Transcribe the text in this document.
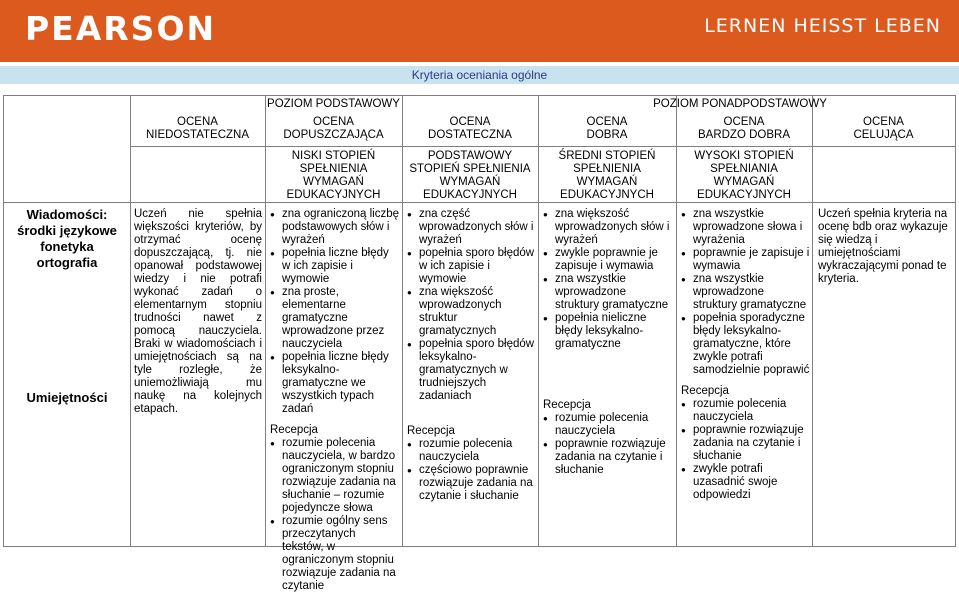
PEARSON	LERNEN HEISST LEBEN
Kryteria oceniania ogólne
POZIOM PODSTAWOWY	POZIOM PONADPODSTAWOWY
OCENA
NIEDOSTATECZNA
OCENA
DOPUSZCZAJĄCA
OCENA
DOSTATECZNA
OCENA
DOBRA
OCENA
BARDZO DOBRA
OCENA
CELUJĄCA
NISKI STOPIEŃ
SPEŁNIENIA
WYMAGAŃ
EDUKACYJNYCH
PODSTAWOWY
STOPIEŃ SPEŁNIENIA
WYMAGAŃ
EDUKACYJNYCH
ŚREDNI STOPIEŃ
SPEŁNIENIA
WYMAGAŃ
EDUKACYJNYCH
WYSOKI STOPIEŃ
SPEŁNIANIA
WYMAGAŃ
EDUKACYJNYCH
Wiadomości:
środki językowe
fonetyka
ortografia
Umiejętności
Uczeń nie spełnia większości kryteriów, by otrzymać ocenę dopuszczającą, tj. nie opanował podstawowej wiedzy i nie potrafi wykonać zadań o elementarnym stopniu trudności nawet z pomocą nauczyciela. Braki w wiadomościach i umiejętnościach są na tyle rozległe, że uniemożliwiają mu naukę na kolejnych etapach.
● zna ograniczoną liczbę podstawowych słów i wyrażeń
● popełnia liczne błędy w ich zapisie i wymowie
● zna proste, elementarne gramatyczne wprowadzone przez nauczyciela
● popełnia liczne błędy leksykalno-gramatyczne we wszystkich typach zadań
Recepcja
● rozumie polecenia nauczyciela, w bardzo ograniczonym stopniu rozwiązuje zadania na słuchanie – rozumie pojedyncze słowa
● rozumie ogólny sens przeczytanych tekstów, w ograniczonym stopniu rozwiązuje zadania na czytanie
● zna część wprowadzonych słów i wyrażeń
● popełnia sporo błędów w ich zapisie i wymowie
● zna większość wprowadzonych struktur gramatycznych
● popełnia sporo błędów leksykalno-gramatycznych w trudniejszych zadaniach
Recepcja
● rozumie polecenia nauczyciela
● częściowo poprawnie rozwiązuje zadania na czytanie i słuchanie
● zna większość wprowadzonych słów i wyrażeń
● zwykle poprawnie je zapisuje i wymawia
● zna wszystkie wprowadzone struktury gramatyczne
● popełnia nieliczne błędy leksykalno-gramatyczne
Recepcja
● rozumie polecenia nauczyciela
● poprawnie rozwiązuje zadania na czytanie i słuchanie
● zna wszystkie wprowadzone słowa i wyrażenia
● poprawnie je zapisuje i wymawia
● zna wszystkie wprowadzone struktury gramatyczne
● popełnia sporadyczne błędy leksykalno-gramatyczne, które zwykle potrafi samodzielnie poprawić
Recepcja
● rozumie polecenia nauczyciela
● poprawnie rozwiązuje zadania na czytanie i słuchanie
● zwykle potrafi uzasadnić swoje odpowiedzi
Uczeń spełnia kryteria na ocenę bdb oraz wykazuje się wiedzą i umiejętnościami wykraczającymi ponad te kryteria.
